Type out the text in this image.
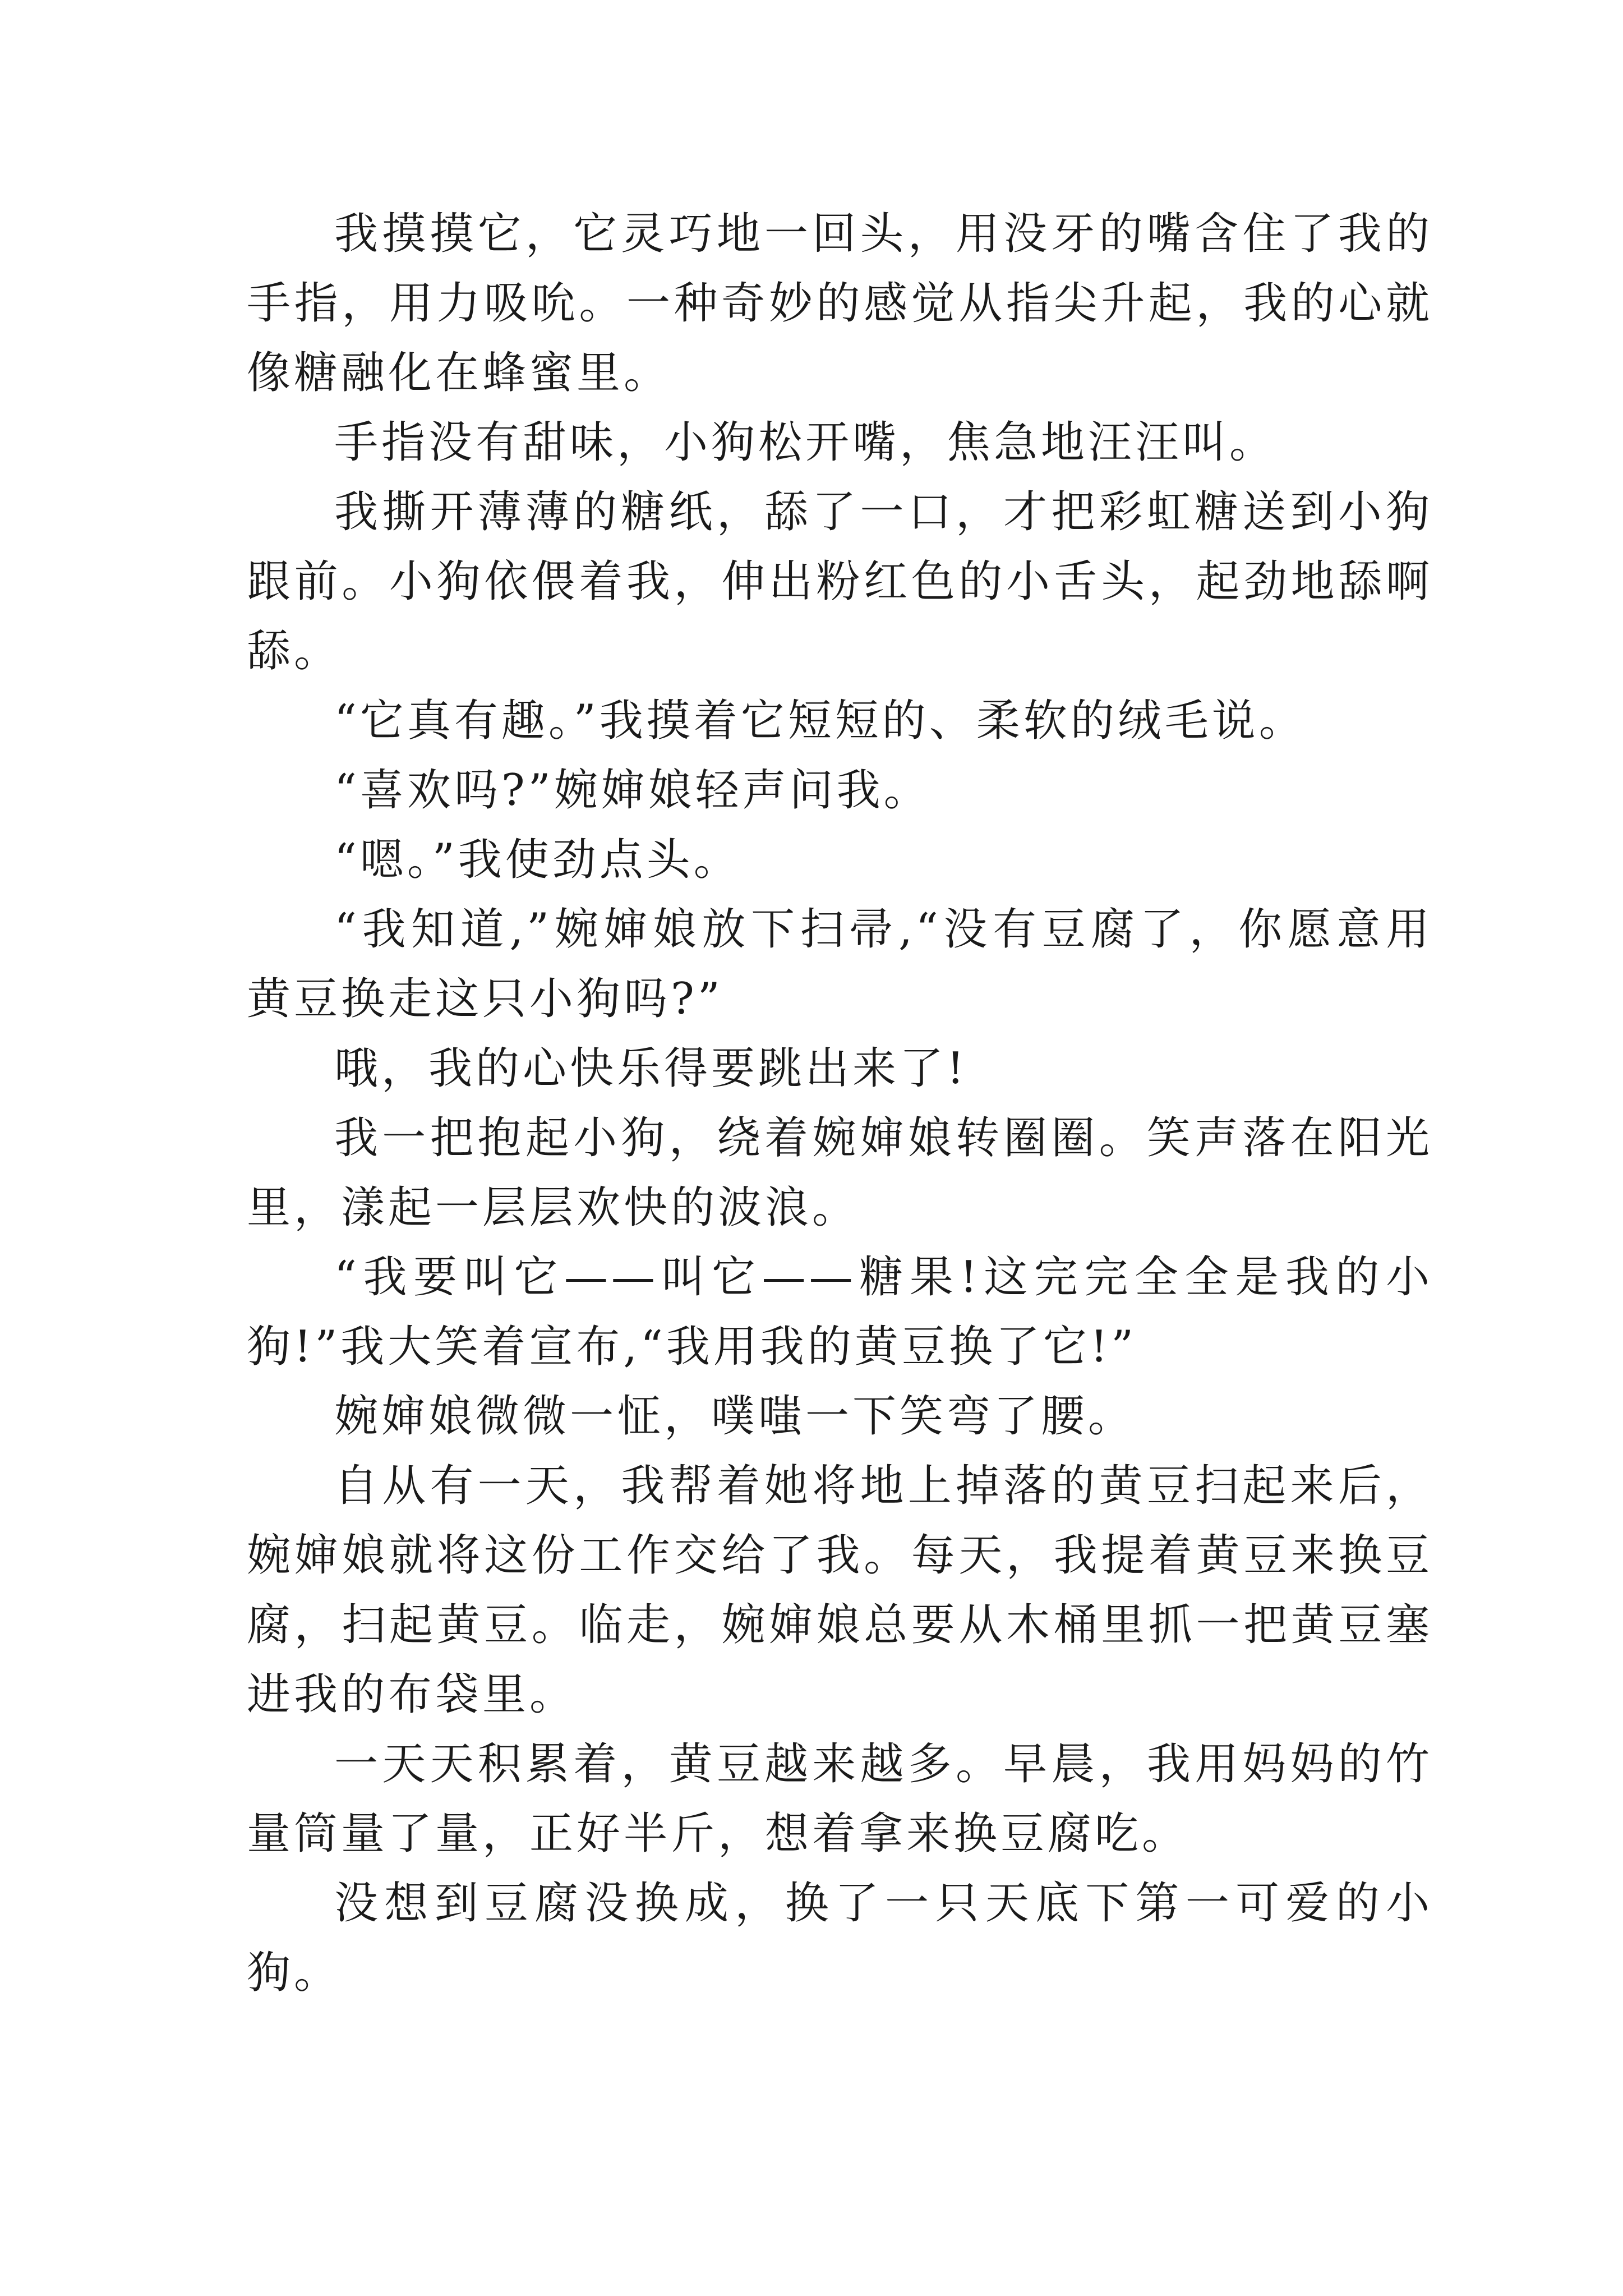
我摸摸它，它灵巧地一回头，用没牙的嘴含住了我的手指，用力吸吮。一种奇妙的感觉从指尖升起，我的心就像糖融化在蜂蜜里。

手指没有甜味，小狗松开嘴，焦急地汪汪叫。

我撕开薄薄的糖纸，舔了一口，才把彩虹糖送到小狗跟前。小狗依偎着我，伸出粉红色的小舌头，起劲地舔啊舔。

“它真有趣。”我摸着它短短的、柔软的绒毛说。

“喜欢吗?”婉婶娘轻声问我。

“嗯。”我使劲点头。

“我知道,”婉婶娘放下扫帚,“没有豆腐了，你愿意用黄豆换走这只小狗吗?”

哦，我的心快乐得要跳出来了!

我一把抱起小狗，绕着婉婶娘转圈圈。笑声落在阳光里，漾起一层层欢快的波浪。

“我要叫它——叫它——糖果!这完完全全是我的小狗!”我大笑着宣布,“我用我的黄豆换了它!”

婉婶娘微微一怔，噗嗤一下笑弯了腰。

自从有一天，我帮着她将地上掉落的黄豆扫起来后，婉婶娘就将这份工作交给了我。每天，我提着黄豆来换豆腐，扫起黄豆。临走，婉婶娘总要从木桶里抓一把黄豆塞进我的布袋里。

一天天积累着，黄豆越来越多。早晨，我用妈妈的竹量筒量了量，正好半斤，想着拿来换豆腐吃。

没想到豆腐没换成，换了一只天底下第一可爱的小狗。
